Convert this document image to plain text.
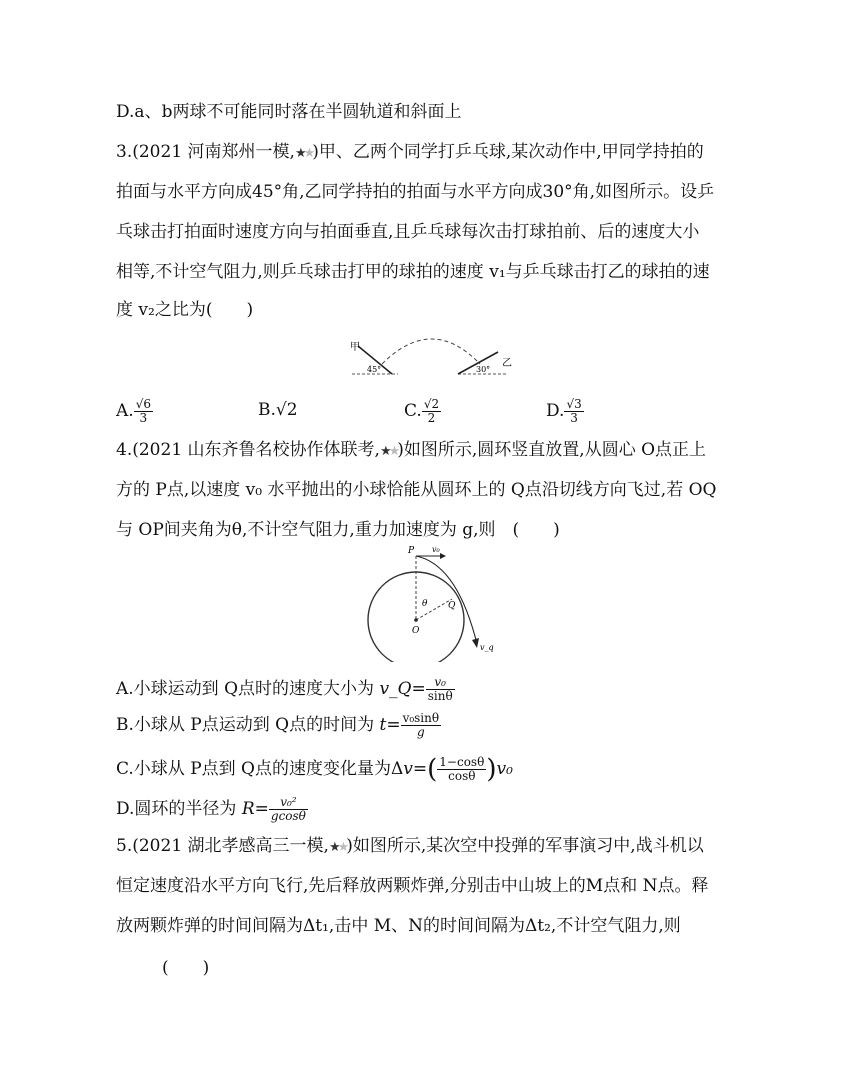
D.a、b两球不可能同时落在半圆轨道和斜面上
3.(2021 河南郑州一模,★★)甲、乙两个同学打乒乓球,某次动作中,甲同学持拍的
拍面与水平方向成45°角,乙同学持拍的拍面与水平方向成30°角,如图所示。设乒
乓球击打拍面时速度方向与拍面垂直,且乒乓球每次击打球拍前、后的速度大小
相等,不计空气阻力,则乒乓球击打甲的球拍的速度 v₁与乒乓球击打乙的球拍的速
度 v₂之比为(　　)
甲
乙
45°	30°
A. $\frac{√6}{3}$	B.√2	C. $\frac{√2}{2}$	D. $\frac{√3}{3}$
4.(2021 山东齐鲁名校协作体联考,★★)如图所示,圆环竖直放置,从圆心 O点正上
方的 P点,以速度 v₀ 水平抛出的小球恰能从圆环上的 Q点沿切线方向飞过,若 OQ
与 OP间夹角为θ,不计空气阻力,重力加速度为 g,则　(　　)
P v₀
θ Q
O
v_q
A.小球运动到 Q点时的速度大小为 v_Q= $\frac{\text{v₀}}{\sin\theta}$
B.小球从 P点运动到 Q点的时间为 $t= \frac{\text{v₀sinθ}}{g}$
C.小球从 P点到 Q点的速度变化量为$\Delta v=( \frac{1-\cos\theta}{\cos\theta} )v_0$
D.圆环的半径为 $R= \frac{\text{v₀²}}{gcos\theta}$
5.(2021 湖北孝感高三一模,★★)如图所示,某次空中投弹的军事演习中,战斗机以
恒定速度沿水平方向飞行,先后释放两颗炸弹,分别击中山坡上的M点和 N点。释
放两颗炸弹的时间间隔为Δt₁,击中 M、N的时间间隔为Δt₂,不计空气阻力,则
(　　)
